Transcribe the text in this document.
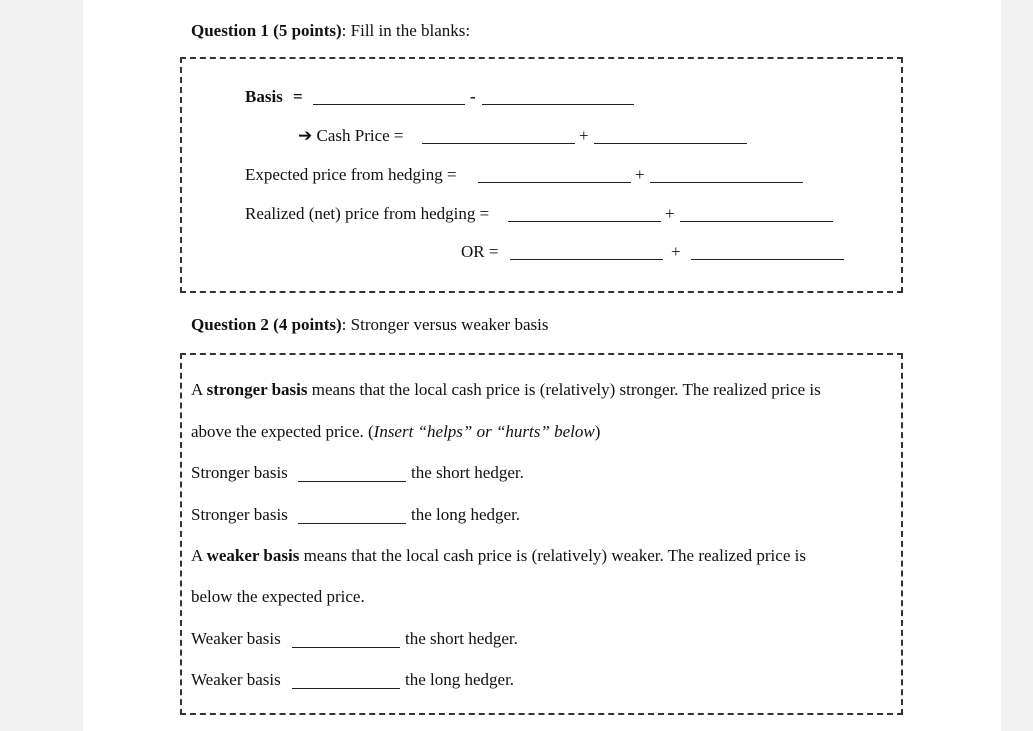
Question 1 (5 points): Fill in the blanks:
Basis =	-
➔ Cash Price =	+
Expected price from hedging =	+
Realized (net) price from hedging =	+
OR =	+
Question 2 (4 points): Stronger versus weaker basis
A stronger basis means that the local cash price is (relatively) stronger. The realized price is
above the expected price. (Insert “helps” or “hurts” below)
Stronger basis	the short hedger.
Stronger basis	the long hedger.
A weaker basis means that the local cash price is (relatively) weaker. The realized price is
below the expected price.
Weaker basis	the short hedger.
Weaker basis	the long hedger.
